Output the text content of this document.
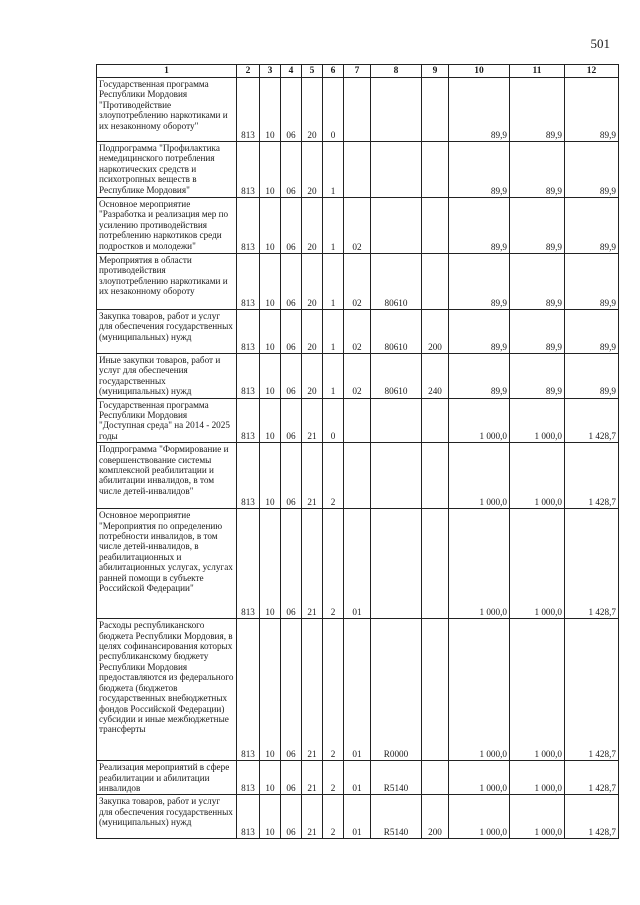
501
1	2	3	4	5	6	7	8	9	10	11	12
Государственная программа Республики Мордовия "Противодействие злоупотреблению наркотиками и их незаконному обороту"	813	10	06	20	0				89,9	89,9	89,9
Подпрограмма "Профилактика немедицинского потребления наркотических средств и психотропных веществ в Республике Мордовия"	813	10	06	20	1				89,9	89,9	89,9
Основное мероприятие "Разработка и реализация мер по усилению противодействия потреблению наркотиков среди подростков и молодежи"	813	10	06	20	1	02			89,9	89,9	89,9
Мероприятия в области противодействия злоупотреблению наркотиками и их незаконному обороту	813	10	06	20	1	02	80610		89,9	89,9	89,9
Закупка товаров, работ и услуг для обеспечения государственных (муниципальных) нужд	813	10	06	20	1	02	80610	200	89,9	89,9	89,9
Иные закупки товаров, работ и услуг для обеспечения государственных (муниципальных) нужд	813	10	06	20	1	02	80610	240	89,9	89,9	89,9
Государственная программа Республики Мордовия "Доступная среда" на 2014 - 2025 годы	813	10	06	21	0				1 000,0	1 000,0	1 428,7
Подпрограмма "Формирование и совершенствование системы комплексной реабилитации и абилитации инвалидов, в том числе детей-инвалидов"	813	10	06	21	2				1 000,0	1 000,0	1 428,7
Основное мероприятие "Мероприятия по определению потребности инвалидов, в том числе детей-инвалидов, в реабилитационных и абилитационных услугах, услугах ранней помощи в субъекте Российской Федерации"	813	10	06	21	2	01			1 000,0	1 000,0	1 428,7
Расходы республиканского бюджета Республики Мордовия, в целях софинансирования которых республиканскому бюджету Республики Мордовия предоставляются из федерального бюджета (бюджетов государственных внебюджетных фондов Российской Федерации) субсидии и иные межбюджетные трансферты	813	10	06	21	2	01	R0000		1 000,0	1 000,0	1 428,7
Реализация мероприятий в сфере реабилитации и абилитации инвалидов	813	10	06	21	2	01	R5140		1 000,0	1 000,0	1 428,7
Закупка товаров, работ и услуг для обеспечения государственных (муниципальных) нужд	813	10	06	21	2	01	R5140	200	1 000,0	1 000,0	1 428,7
